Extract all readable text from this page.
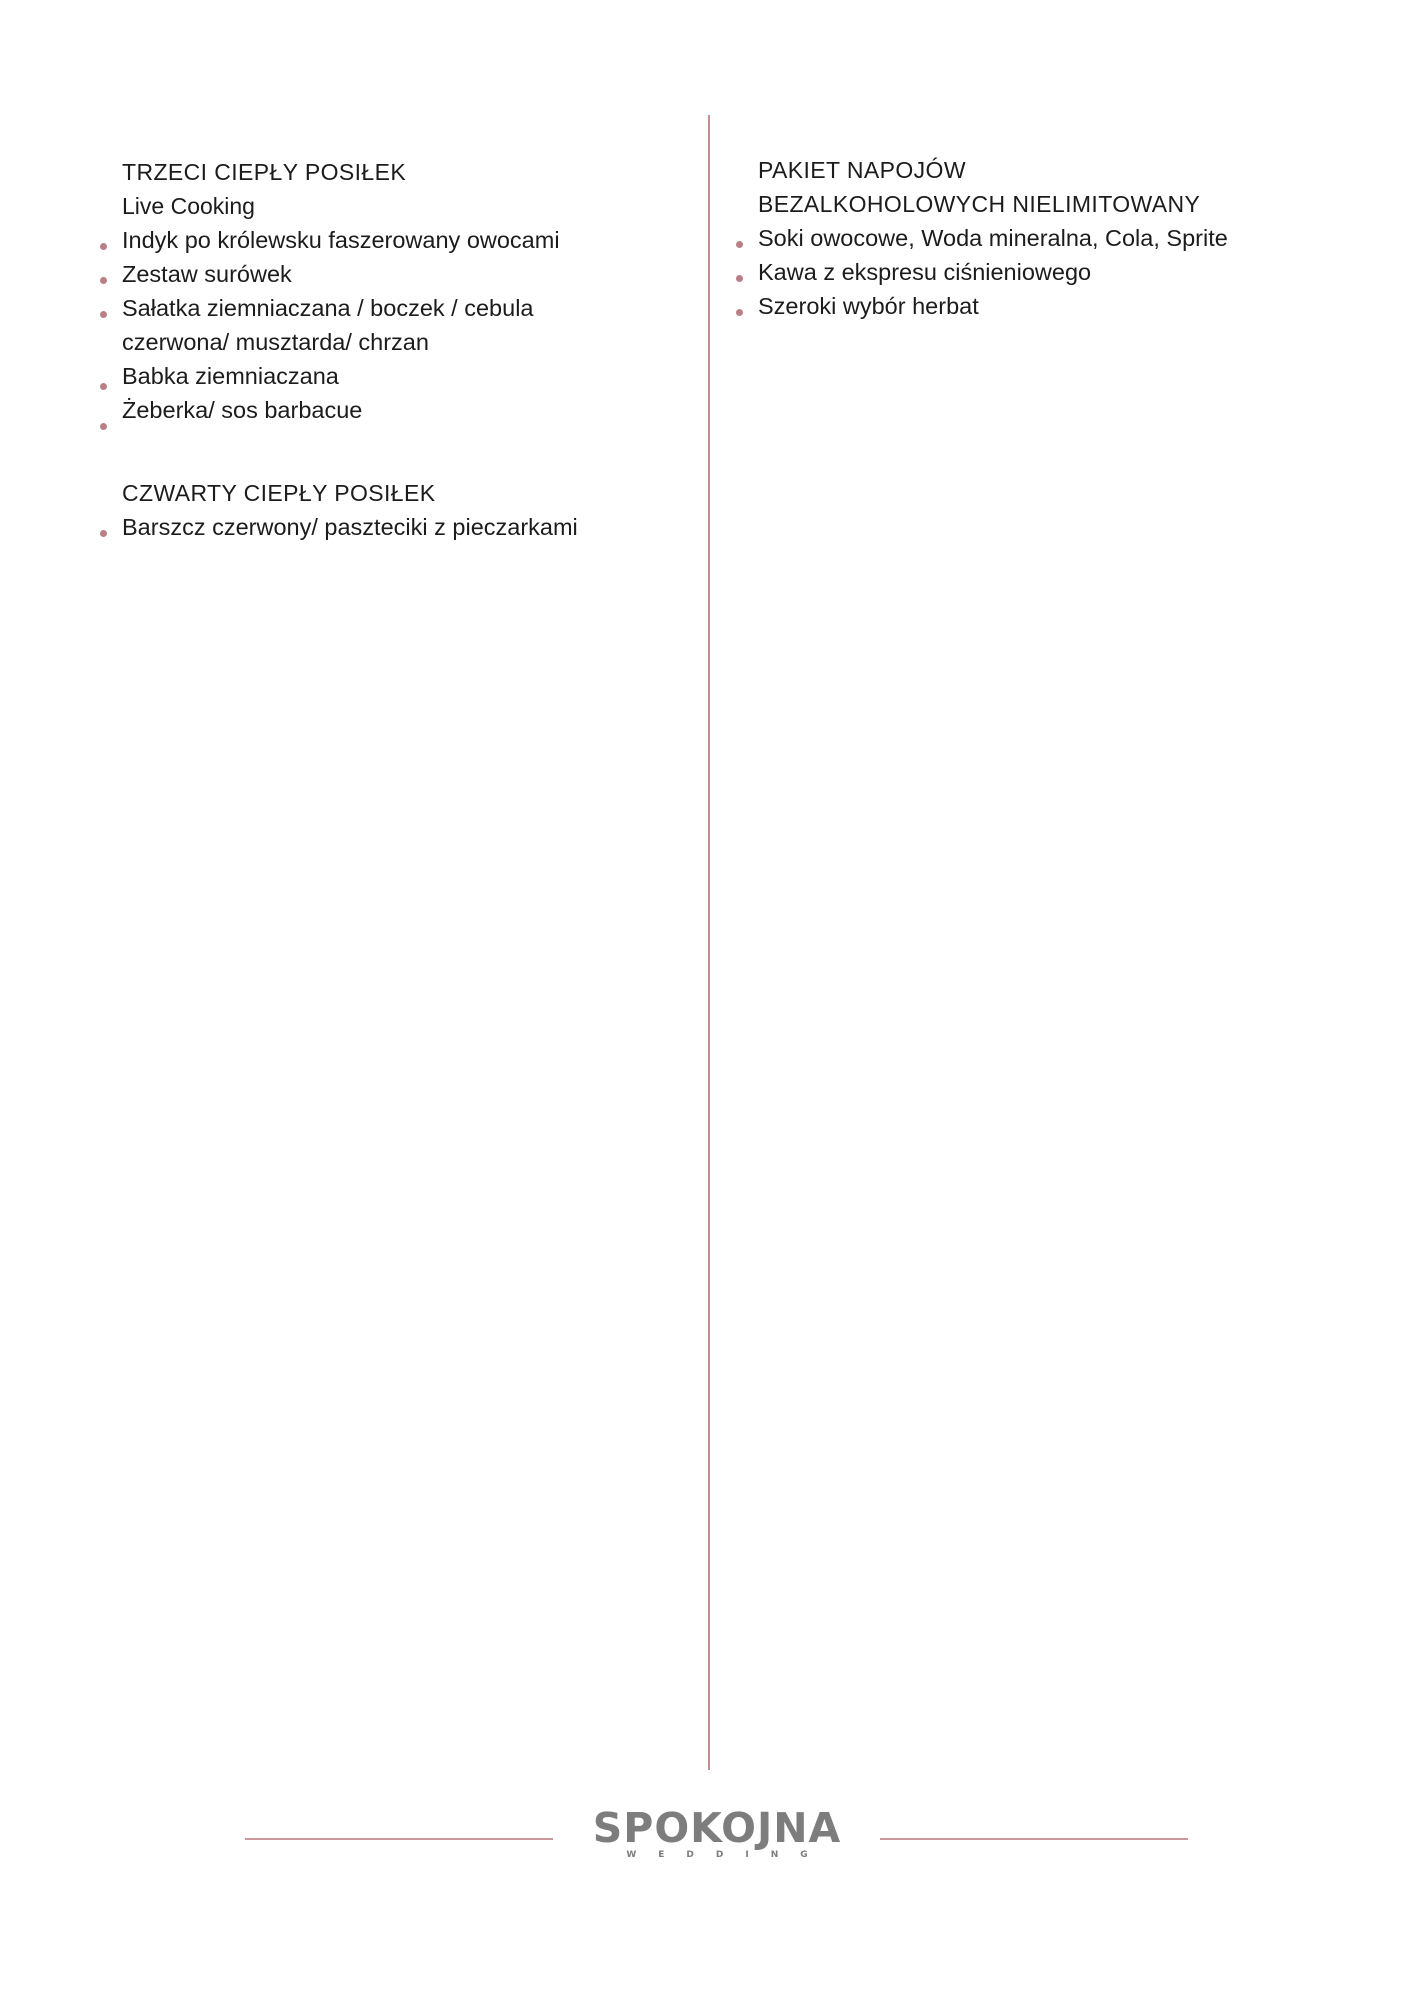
TRZECI CIEPŁY POSIŁEK
Live Cooking
Indyk po królewsku faszerowany owocami
Zestaw surówek
Sałatka ziemniaczana / boczek / cebula czerwona/ musztarda/ chrzan
Babka ziemniaczana
Żeberka/ sos barbacue
CZWARTY CIEPŁY POSIŁEK
Barszcz czerwony/ paszteciki z pieczarkami
PAKIET NAPOJÓW
BEZALKOHOLOWYCH NIELIMITOWANY
Soki owocowe, Woda mineralna, Cola, Sprite
Kawa z ekspresu ciśnieniowego
Szeroki wybór herbat
SPOKOJNA
WEDDING
